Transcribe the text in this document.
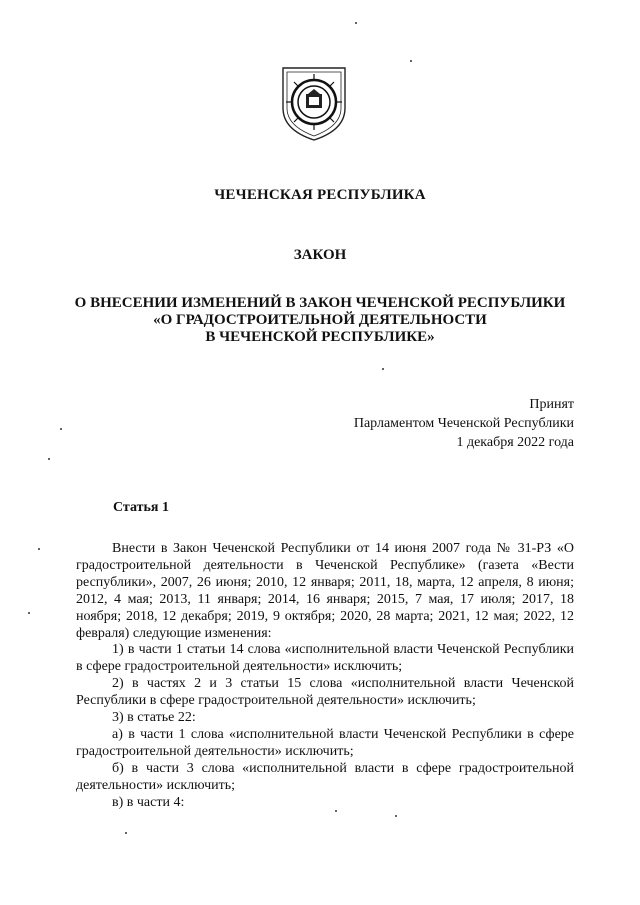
ЧЕЧЕНСКАЯ РЕСПУБЛИКА
ЗАКОН
О ВНЕСЕНИИ ИЗМЕНЕНИЙ В ЗАКОН ЧЕЧЕНСКОЙ РЕСПУБЛИКИ
«О ГРАДОСТРОИТЕЛЬНОЙ ДЕЯТЕЛЬНОСТИ
В ЧЕЧЕНСКОЙ РЕСПУБЛИКЕ»
Принят
Парламентом Чеченской Республики
1 декабря 2022 года
Статья 1

Внести в Закон Чеченской Республики от 14 июня 2007 года № 31-РЗ «О градостроительной деятельности в Чеченской Республике» (газета «Вести республики», 2007, 26 июня; 2010, 12 января; 2011, 18, марта, 12 апреля, 8 июня; 2012, 4 мая; 2013, 11 января; 2014, 16 января; 2015, 7 мая, 17 июля; 2017, 18 ноября; 2018, 12 декабря; 2019, 9 октября; 2020, 28 марта; 2021, 12 мая; 2022, 12 февраля) следующие изменения:

1) в части 1 статьи 14 слова «исполнительной власти Чеченской Республики в сфере градостроительной деятельности» исключить;

2) в частях 2 и 3 статьи 15 слова «исполнительной власти Чеченской Республики в сфере градостроительной деятельности» исключить;

3) в статье 22:

а) в части 1 слова «исполнительной власти Чеченской Республики в сфере градостроительной деятельности» исключить;

б) в части 3 слова «исполнительной власти в сфере градостроительной деятельности» исключить;

в) в части 4:
